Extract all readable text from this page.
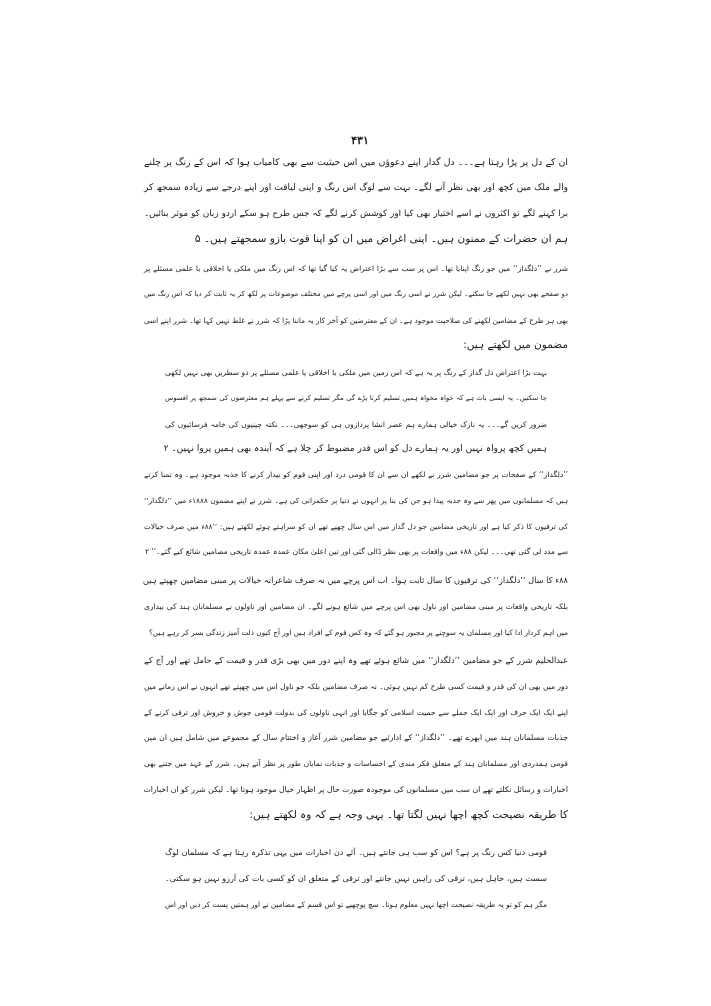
۴۳۱
ان کے دل پر پڑا رہتا ہے۔۔۔ دل گداز اپنے دعوؤں میں اس حیثیت سے بھی کامیاب ہوا کہ اس کے رنگ پر چلنے
والے ملک میں کچھ اور بھی نظر آنے لگے۔ بہت سے لوگ اس رنگ و اپنی لیاقت اور اپنے درجے سے زیادہ سمجھ کر
برا کہنے لگے تو اکثروں نے اسے اختیار بھی کیا اور کوشش کرنے لگے کہ جس طرح ہو سکے اردو زبان کو موثر بنائیں۔
ہم ان حضرات کے ممنون ہیں۔ اپنی اغراض میں ان کو اپنا قوت بازو سمجھتے ہیں۔ ۵
شرر نے ’’دلگداز‘‘ میں جو رنگ اپنایا تھا۔ اس پر سب سے بڑا اعتراض یہ کیا گیا تھا کہ اس رنگ میں ملکی یا اخلاقی یا علمی مسئلے پر
دو صفحے بھی نہیں لکھے جا سکتے۔ لیکن شرر نے اسی رنگ میں اور اسی پرچے میں مختلف موضوعات پر لکھ کر یہ ثابت کر دیا کہ اس رنگ میں
بھی ہر طرح کے مضامین لکھنے کی صلاحیت موجود ہے۔ ان کے معترضین کو آخر کار یہ ماننا پڑا کہ شرر نے غلط نہیں کہا تھا۔ شرر اپنے اسی
مضمون میں لکھتے ہیں:
بہت بڑا اعتراض دل گداز کے رنگ پر یہ ہے کہ اس زمین میں ملکی یا اخلاقی یا علمی مسئلے پر دو سطریں بھی نہیں لکھی
جا سکتیں۔ یہ ایسی بات ہے کہ خواہ مخواہ ہمیں تسلیم کرنا پڑے گی مگر تسلیم کرنے سے پہلے ہم معترضوں کی سمجھ پر افسوس
ضرور کریں گے۔۔۔ یہ نازک خیالی ہمارے ہم عصر انشا پردازوں ہی کو سوجھی۔۔۔ نکتہ چینیوں کی خامہ فرسائیوں کی
ہمیں کچھ پرواہ نہیں اور یہ ہمارے دل کو اس قدر مضبوط کر چلا ہے کہ آیندہ بھی ہمیں پروا نہیں۔ ۲
’’دلگداز‘‘ کے صفحات پر جو مضامین شرر نے لکھے ان سے ان کا قومی درد اور اپنی قوم کو بیدار کرنے کا جذبہ موجود ہے۔ وہ تمنا کرتے
ہیں کہ مسلمانوں میں پھر سے وہ جذبہ پیدا ہو جن کی بنا پر انہوں نے دنیا پر حکمرانی کی ہے۔ شرر نے اپنے مضمون ۱۸۸۸ء میں ’’دلگداز‘‘
کی ترقیوں کا ذکر کیا ہے اور تاریخی مضامین جو دل گداز میں اس سال چھپے تھے ان کو سراہتے ہوئے لکھتے ہیں: ’’۸۸ء میں صرف خیالات
سے مدد لی گئی تھی۔۔۔ لیکن ۸۸ء میں واقعات پر بھی نظر ڈالی گئی اور تین اعلیٰ مکان عمدہ عمدہ تاریخی مضامین شائع کیے گئے۔‘‘ ۲
۸۸ء کا سال ’’دلگداز‘‘ کی ترقیوں کا سال ثابت ہوا۔ اب اس پرچے میں نہ صرف شاعرانہ خیالات پر مبنی مضامین چھپتے ہیں
بلکہ تاریخی واقعات پر مبنی مضامین اور ناول بھی اس پرچے میں شائع ہونے لگے۔ ان مضامین اور ناولوں نے مسلمانان ہند کی بیداری
میں اہم کردار ادا کیا اور مسلمان یہ سوچنے پر مجبور ہو گئے کہ وہ کس قوم کے افراد ہیں اور آج کیوں ذلت آمیز زندگی بسر کر رہے ہیں؟
عبدالحلیم شرر کے جو مضامین ’’دلگداز‘‘ میں شائع ہوئے تھے وہ اپنے دور میں بھی بڑی قدر و قیمت کے حامل تھے اور آج کے
دور میں بھی ان کی قدر و قیمت کسی طرح کم نہیں ہوئی۔ نہ صرف مضامین بلکہ جو ناول اس میں چھپتے تھے انہوں نے اس زمانے میں
اپنے ایک ایک حرف اور ایک ایک جملے سے حمیت اسلامی کو جگایا اور انہی ناولوں کی بدولت قومی جوش و خروش اور ترقی کرنے کے
جذبات مسلمانان ہند میں ابھرے تھے۔ ’’دلگداز‘‘ کے ادارئیے جو مضامین شرر آغاز و اختتام سال کے مجموعے میں شامل ہیں ان میں
قومی ہمدردی اور مسلمانان ہند کے متعلق فکر مندی کے احساسات و جذبات نمایاں طور پر نظر آتے ہیں۔ شرر کے عہد میں جتنے بھی
اخبارات و رسائل نکلتے تھے ان سب میں مسلمانوں کی موجودہ صورت حال پر اظہار خیال موجود ہوتا تھا۔ لیکن شرر کو ان اخبارات
کا طریقہ نصیحت کچھ اچھا نہیں لگتا تھا۔ یہی وجہ ہے کہ وہ لکھتے ہیں:
قومی دنیا کس رنگ پر ہے؟ اس کو سب ہی جانتے ہیں۔ آئے دن اخبارات میں یہی تذکرہ رہتا ہے کہ مسلمان لوگ
سست ہیں، جاہل ہیں، ترقی کی راہیں نہیں جانتے اور ترقی کے متعلق ان کو کسی بات کی آرزو نہیں ہو سکتی۔
مگر ہم کو تو یہ طریقہ نصیحت اچھا نہیں معلوم ہوتا۔ سچ پوچھیے تو اس قسم کے مضامین نے اور ہمتیں پست کر دیں اور اس
